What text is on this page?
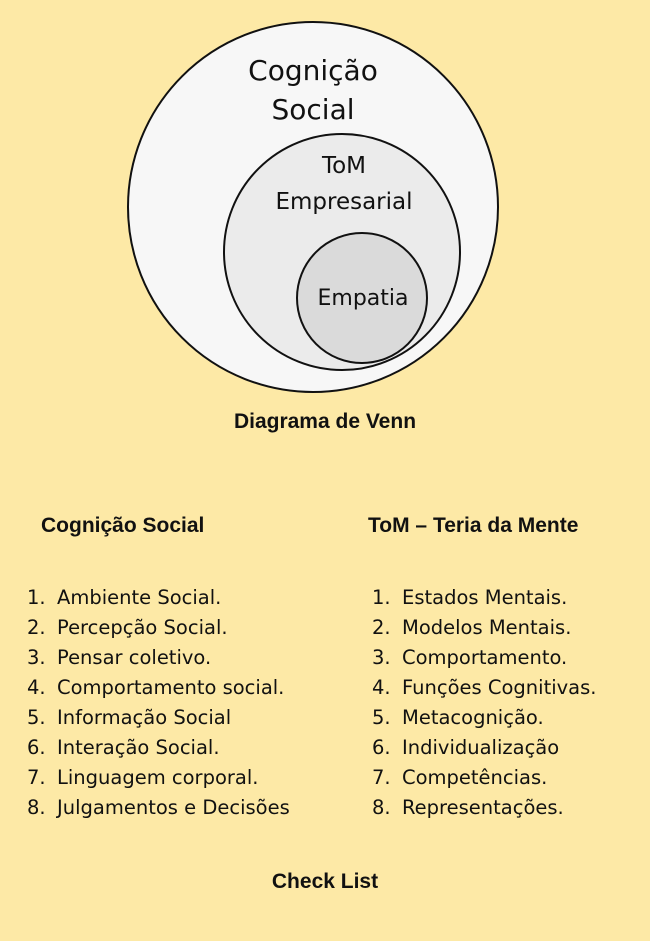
Cognição
Social
ToM
Empresarial
Empatia
Diagrama de Venn
Cognição Social	ToM – Teria da Mente
1. Ambiente Social.
2. Percepção Social.
3. Pensar coletivo.
4. Comportamento social.
5. Informação Social
6. Interação Social.
7. Linguagem corporal.
8. Julgamentos e Decisões
1. Estados Mentais.
2. Modelos Mentais.
3. Comportamento.
4. Funções Cognitivas.
5. Metacognição.
6. Individualização
7. Competências.
8. Representações.
Check List
